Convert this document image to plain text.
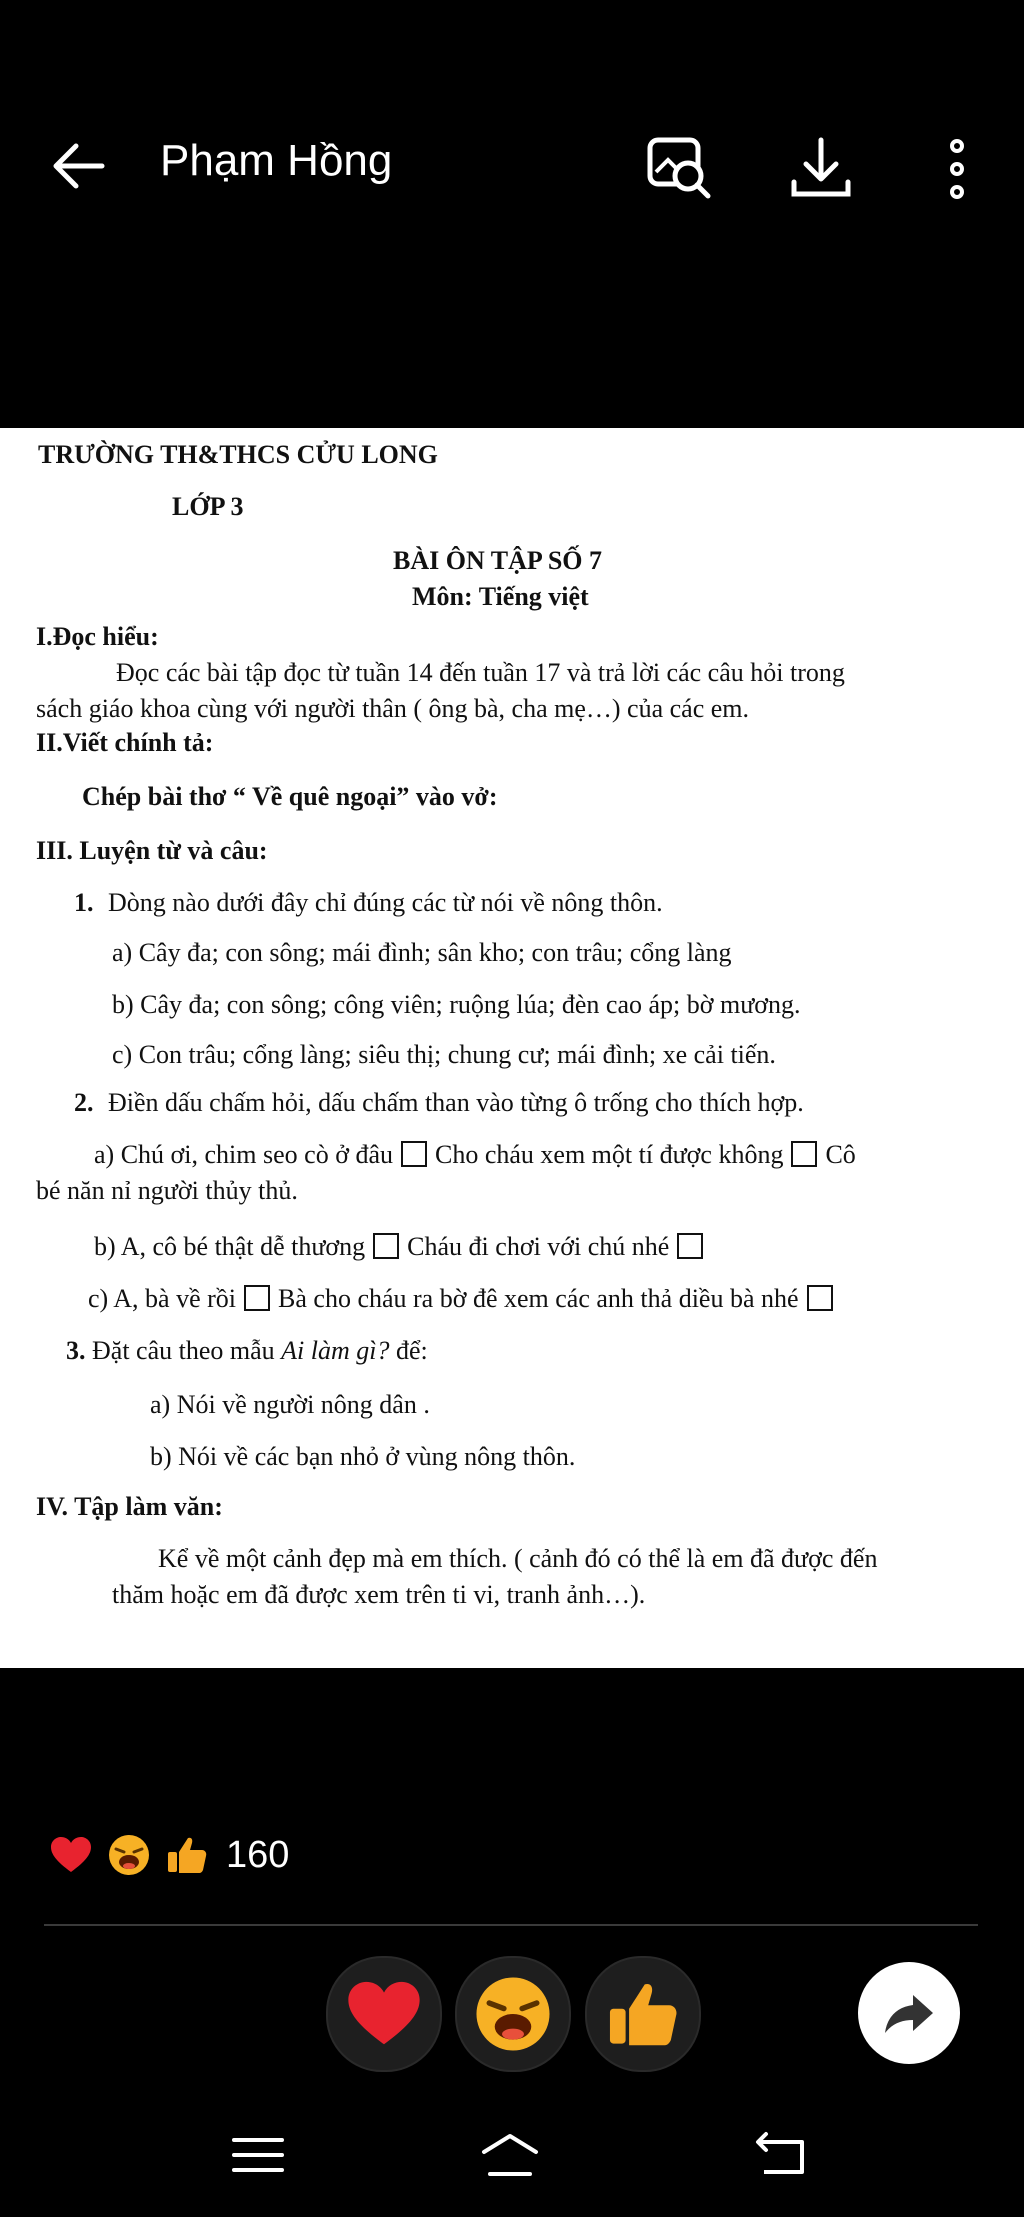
Phạm Hồng
TRƯỜNG TH&THCS CỬU LONG
LỚP 3
BÀI ÔN TẬP SỐ 7
Môn: Tiếng việt
I.Đọc hiểu:
Đọc các bài tập đọc từ tuần 14 đến tuần 17 và trả lời các câu hỏi trong
sách giáo khoa cùng với người thân ( ông bà, cha mẹ…) của các em.
II.Viết chính tả:
Chép bài thơ “ Về quê ngoại” vào vở:
III. Luyện từ và câu:
1. Dòng nào dưới đây chỉ đúng các từ nói về nông thôn.
a) Cây đa; con sông; mái đình; sân kho; con trâu; cổng làng
b) Cây đa; con sông; công viên; ruộng lúa; đèn cao áp; bờ mương.
c) Con trâu; cổng làng; siêu thị; chung cư; mái đình; xe cải tiến.
2. Điền dấu chấm hỏi, dấu chấm than vào từng ô trống cho thích hợp.
a) Chú ơi, chim seo cò ở đâu Cho cháu xem một tí được không Cô
bé năn nỉ người thủy thủ.
b) A, cô bé thật dễ thương Cháu đi chơi với chú nhé
c) A, bà về rồi Bà cho cháu ra bờ đê xem các anh thả diều bà nhé
3. Đặt câu theo mẫu Ai làm gì? để:
a) Nói về người nông dân .
b) Nói về các bạn nhỏ ở vùng nông thôn.
IV. Tập làm văn:
Kể về một cảnh đẹp mà em thích. ( cảnh đó có thể là em đã được đến
thăm hoặc em đã được xem trên ti vi, tranh ảnh…).
160
